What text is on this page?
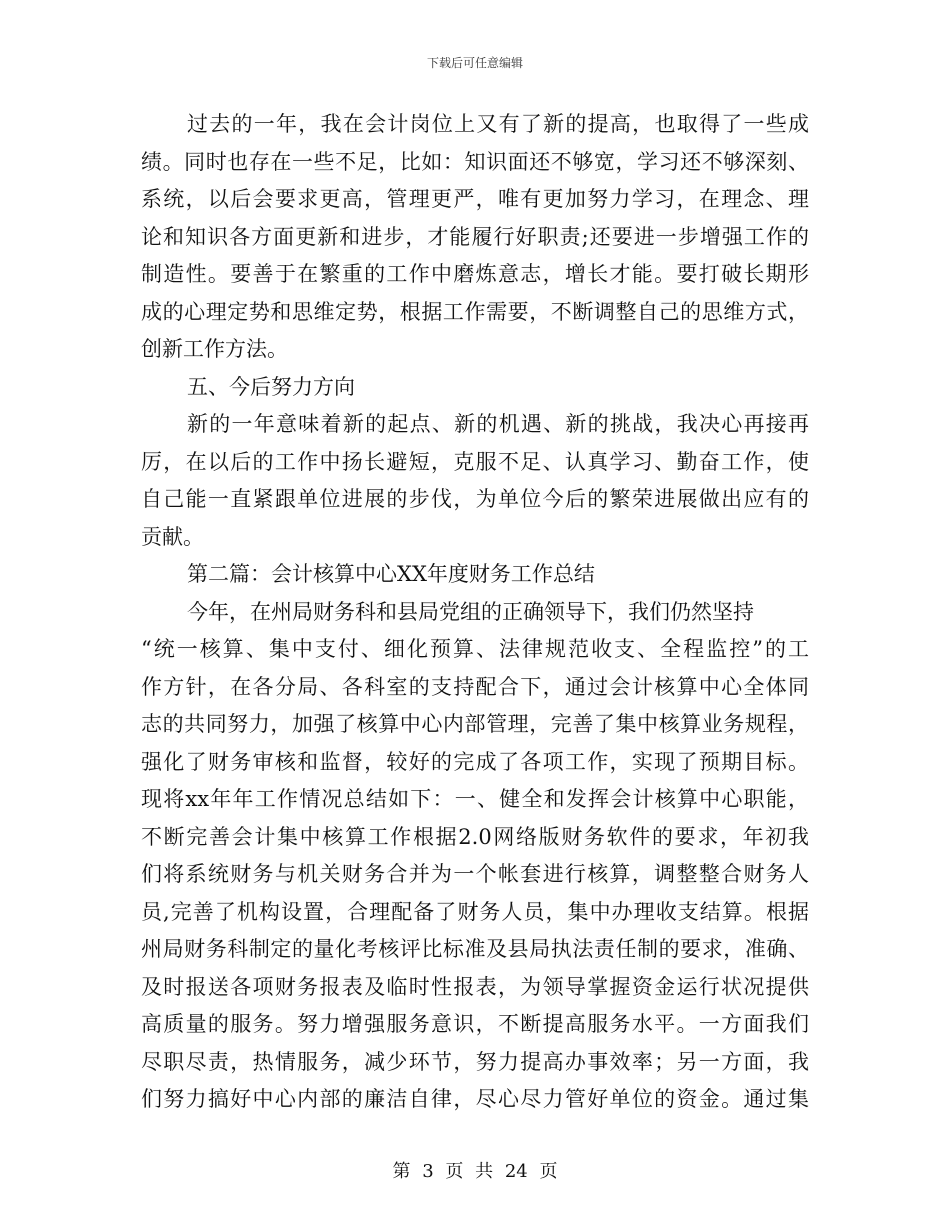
下载后可任意编辑
过去的一年，我在会计岗位上又有了新的提高，也取得了一些成
绩。同时也存在一些不足，比如：知识面还不够宽，学习还不够深刻、
系统，以后会要求更高，管理更严，唯有更加努力学习，在理念、理
论和知识各方面更新和进步，才能履行好职责;还要进一步增强工作的
制造性。要善于在繁重的工作中磨炼意志，增长才能。要打破长期形
成的心理定势和思维定势，根据工作需要，不断调整自己的思维方式，
创新工作方法。
五、今后努力方向
新的一年意味着新的起点、新的机遇、新的挑战，我决心再接再
厉，在以后的工作中扬长避短，克服不足、认真学习、勤奋工作，使
自己能一直紧跟单位进展的步伐，为单位今后的繁荣进展做出应有的
贡献。
第二篇：会计核算中心XX年度财务工作总结
今年，在州局财务科和县局党组的正确领导下，我们仍然坚持
“统一核算、集中支付、细化预算、法律规范收支、全程监控”的工
作方针，在各分局、各科室的支持配合下，通过会计核算中心全体同
志的共同努力，加强了核算中心内部管理，完善了集中核算业务规程，
强化了财务审核和监督，较好的完成了各项工作，实现了预期目标。
现将xx年年工作情况总结如下：一、健全和发挥会计核算中心职能，
不断完善会计集中核算工作根据2.0网络版财务软件的要求，年初我
们将系统财务与机关财务合并为一个帐套进行核算，调整整合财务人
员,完善了机构设置，合理配备了财务人员，集中办理收支结算。根据
州局财务科制定的量化考核评比标准及县局执法责任制的要求，准确、
及时报送各项财务报表及临时性报表，为领导掌握资金运行状况提供
高质量的服务。努力增强服务意识，不断提高服务水平。一方面我们
尽职尽责，热情服务，减少环节，努力提高办事效率；另一方面，我
们努力搞好中心内部的廉洁自律，尽心尽力管好单位的资金。通过集
第 3 页 共 24 页
